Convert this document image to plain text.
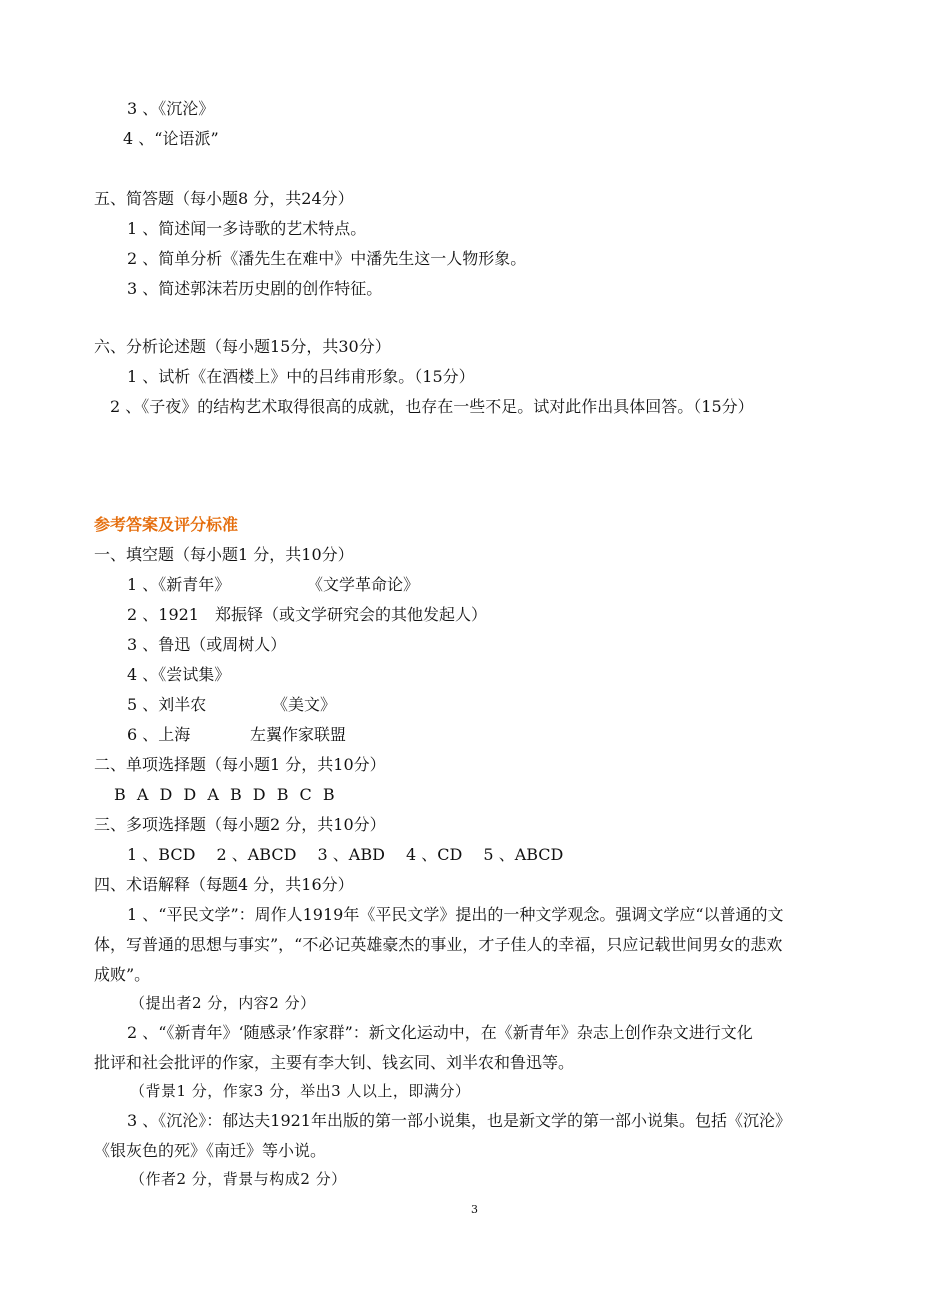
3 、《沉沦》
4 、“论语派”
五、简答题（每小题8 分，共24分）
1 、简述闻一多诗歌的艺术特点。
2 、简单分析《潘先生在难中》中潘先生这一人物形象。
3 、简述郭沫若历史剧的创作特征。
六、分析论述题（每小题15分，共30分）
1 、试析《在酒楼上》中的吕纬甫形象。（15分）
2 、《子夜》的结构艺术取得很高的成就，也存在一些不足。试对此作出具体回答。（15分）
参考答案及评分标准
一、填空题（每小题1 分，共10分）
1 、《新青年》	《文学革命论》
2 、1921　郑振铎（或文学研究会的其他发起人）
3 、鲁迅（或周树人）
4 、《尝试集》
5 、刘半农	《美文》
6 、上海	左翼作家联盟
二、单项选择题（每小题1 分，共10分）
B A D D A B D B C B
三、多项选择题（每小题2 分，共10分）
1 、BCD　 2 、ABCD　 3 、ABD　 4 、CD　 5 、ABCD
四、术语解释（每题4 分，共16分）
1 、“平民文学”：周作人1919年《平民文学》提出的一种文学观念。强调文学应“以普通的文
体，写普通的思想与事实”，“不必记英雄豪杰的事业，才子佳人的幸福，只应记载世间男女的悲欢
成败”。
（提出者2 分，内容2 分）
2 、“《新青年》‘随感录’作家群”：新文化运动中，在《新青年》杂志上创作杂文进行文化
批评和社会批评的作家，主要有李大钊、钱玄同、刘半农和鲁迅等。
（背景1 分，作家3 分，举出3 人以上，即满分）
3 、《沉沦》：郁达夫1921年出版的第一部小说集，也是新文学的第一部小说集。包括《沉沦》
《银灰色的死》《南迁》等小说。
（作者2 分，背景与构成2 分）
3
